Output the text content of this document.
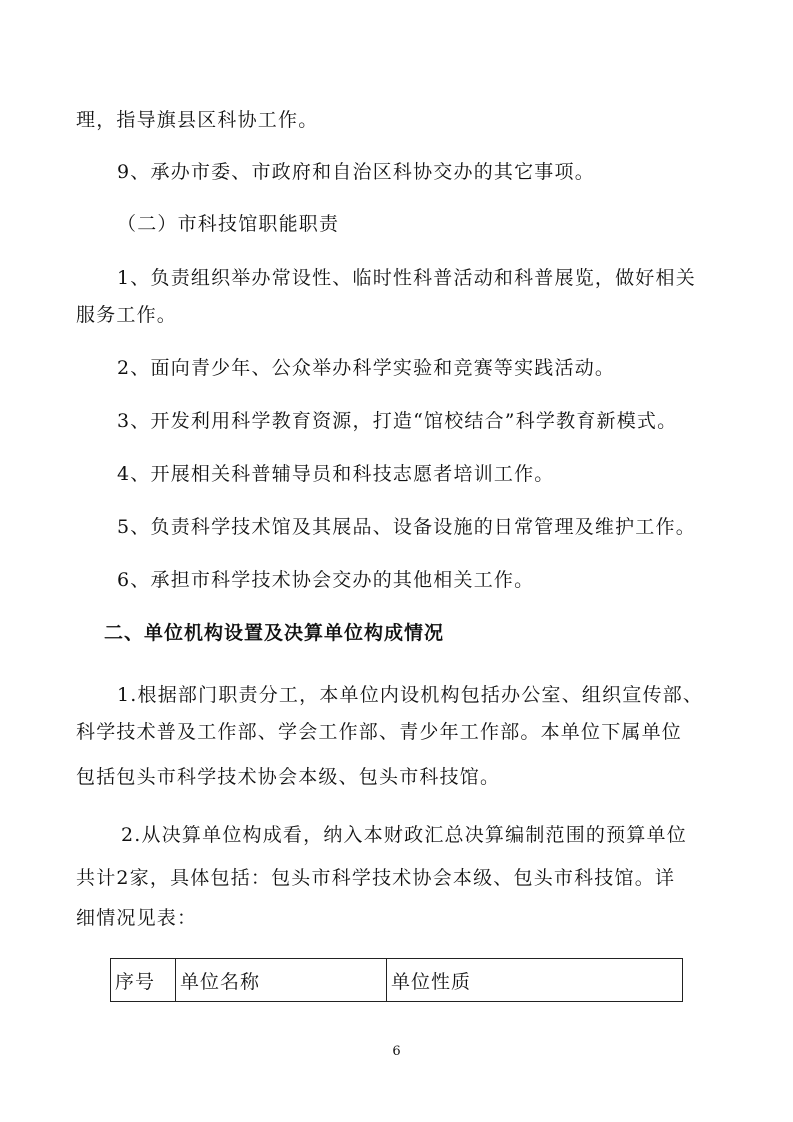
理，指导旗县区科协工作。
9、承办市委、市政府和自治区科协交办的其它事项。
（二）市科技馆职能职责
1、负责组织举办常设性、临时性科普活动和科普展览，做好相关
服务工作。
2、面向青少年、公众举办科学实验和竞赛等实践活动。
3、开发利用科学教育资源，打造“馆校结合”科学教育新模式。
4、开展相关科普辅导员和科技志愿者培训工作。
5、负责科学技术馆及其展品、设备设施的日常管理及维护工作。
6、承担市科学技术协会交办的其他相关工作。
二、单位机构设置及决算单位构成情况
1.根据部门职责分工，本单位内设机构包括办公室、组织宣传部、
科学技术普及工作部、学会工作部、青少年工作部。本单位下属单位
包括包头市科学技术协会本级、包头市科技馆。
2.从决算单位构成看，纳入本财政汇总决算编制范围的预算单位
共计2家，具体包括：包头市科学技术协会本级、包头市科技馆。详
细情况见表：
序号	单位名称	单位性质
6
